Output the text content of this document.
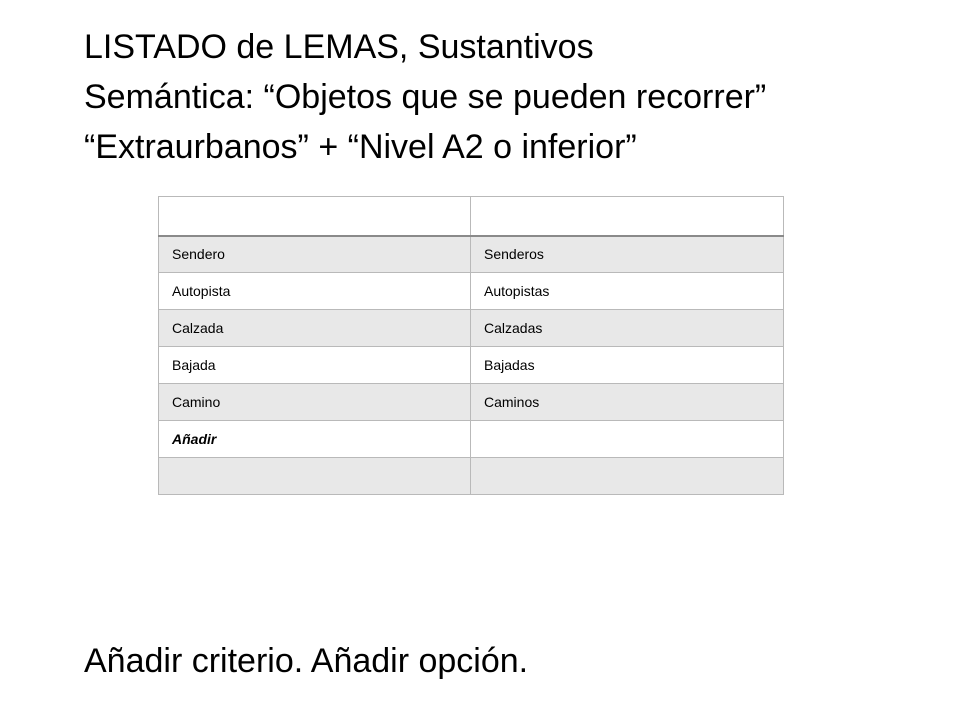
LISTADO de LEMAS, Sustantivos
Semántica: “Objetos que se pueden recorrer”
“Extraurbanos” + “Nivel A2 o inferior”

Sendero	Senderos
Autopista	Autopistas
Calzada	Calzadas
Bajada	Bajadas
Camino	Caminos
Añadir	

Añadir criterio. Añadir opción.
